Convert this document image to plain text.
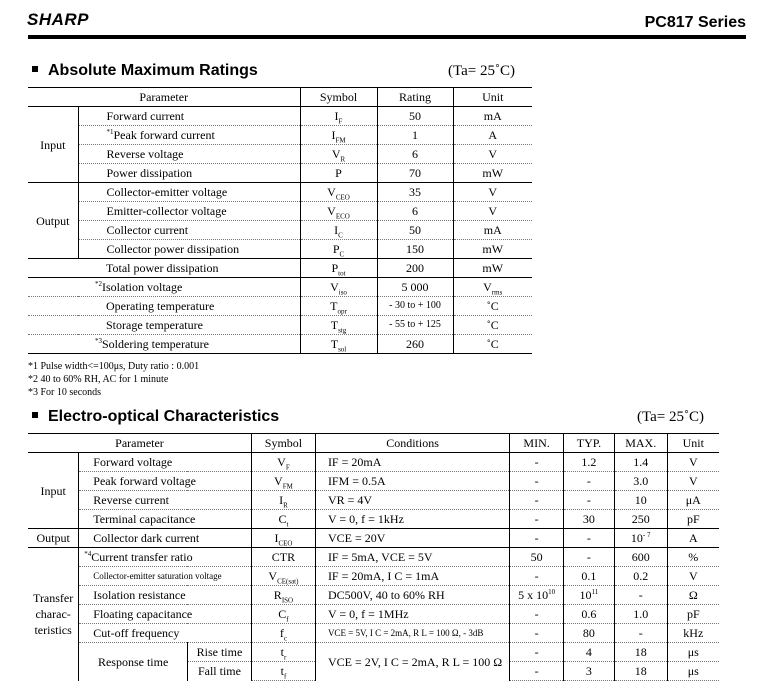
SHARP	PC817 Series
Absolute Maximum Ratings	(Ta= 25˚C)
Parameter		Symbol	Rating	Unit
Input	Forward current	$I_F$	50	mA
	$^{*1}$Peak forward current	$I_{FM}$	1	A
	Reverse voltage	$V_R$	6	V
	Power dissipation	P	70	mW
Output	Collector-emitter voltage	$V_{CEO}$	35	V
	Emitter-collector voltage	$V_{ECO}$	6	V
	Collector current	$I_C$	50	mA
	Collector power dissipation	$P_C$	150	mW
Total power dissipation		$P_{tot}$	200	mW
$^{*2}$Isolation voltage		$V_{iso}$	5 000	$V_{rms}$
Operating temperature		$T_{opr}$	- 30 to + 100	˚C
Storage temperature		$T_{stg}$	- 55 to + 125	˚C
$^{*3}$Soldering temperature		$T_{sol}$	260	˚C
*1 Pulse width<=100μs, Duty ratio : 0.001
*2 40 to 60% RH, AC for 1 minute
*3 For 10 seconds
Electro-optical Characteristics	(Ta= 25˚C)
Parameter			Symbol	Conditions	MIN.	TYP.	MAX.	Unit
Input	Forward voltage		$V_F$	IF = 20mA	-	1.2	1.4	V
	Peak forward voltage		$V_{FM}$	IFM = 0.5A	-	-	3.0	V
	Reverse current		$I_R$	VR = 4V	-	-	10	μA
	Terminal capacitance		$C_t$	V = 0, f = 1kHz	-	30	250	pF
Output	Collector dark current		$I_{CEO}$	VCE = 20V	-	-	$10^{- 7}$	A

Transfer
charac-
teristics	$^{*4}$Current transfer ratio		CTR	IF = 5mA, VCE = 5V	50	-	600	%
	Collector-emitter saturation voltage		$V_{CE(sat)}$	IF = 20mA, I C = 1mA	-	0.1	0.2	V
	Isolation resistance		$R_{ISO}$	DC500V, 40 to 60% RH	5 x $10^{10}$	$10^{11}$	-	Ω
	Floating capacitance		$C_f$	V = 0, f = 1MHz	-	0.6	1.0	pF
	Cut-off frequency		$f_c$	VCE = 5V, I C = 2mA, R L = 100 Ω, - 3dB	-	80	-	kHz
	Response time	Rise time	$t_r$	VCE = 2V, I C = 2mA, R L = 100 Ω	-	4	18	μs
		Fall time	$t_f$		-	3	18	μs
